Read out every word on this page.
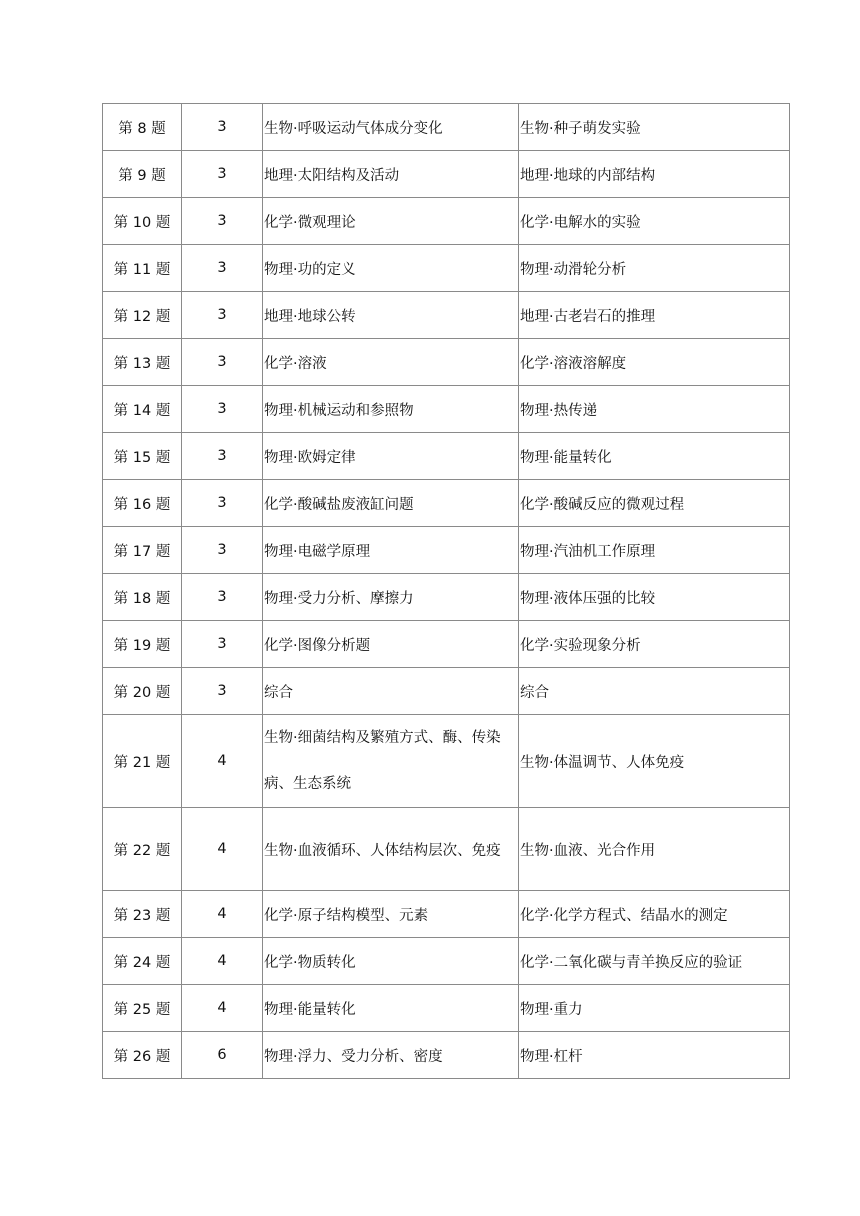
第 8 题	3	生物·呼吸运动气体成分变化	生物·种子萌发实验
第 9 题	3	地理·太阳结构及活动	地理·地球的内部结构
第 10 题	3	化学·微观理论	化学·电解水的实验
第 11 题	3	物理·功的定义	物理·动滑轮分析
第 12 题	3	地理·地球公转	地理·古老岩石的推理
第 13 题	3	化学·溶液	化学·溶液溶解度
第 14 题	3	物理·机械运动和参照物	物理·热传递
第 15 题	3	物理·欧姆定律	物理·能量转化
第 16 题	3	化学·酸碱盐废液缸问题	化学·酸碱反应的微观过程
第 17 题	3	物理·电磁学原理	物理·汽油机工作原理
第 18 题	3	物理·受力分析、摩擦力	物理·液体压强的比较
第 19 题	3	化学·图像分析题	化学·实验现象分析
第 20 题	3	综合	综合
第 21 题	4	生物·细菌结构及繁殖方式、酶、传染
病、生态系统	生物·体温调节、人体免疫
第 22 题	4	生物·血液循环、人体结构层次、免疫	生物·血液、光合作用
第 23 题	4	化学·原子结构模型、元素	化学·化学方程式、结晶水的测定
第 24 题	4	化学·物质转化	化学·二氧化碳与青羊换反应的验证
第 25 题	4	物理·能量转化	物理·重力
第 26 题	6	物理·浮力、受力分析、密度	物理·杠杆
